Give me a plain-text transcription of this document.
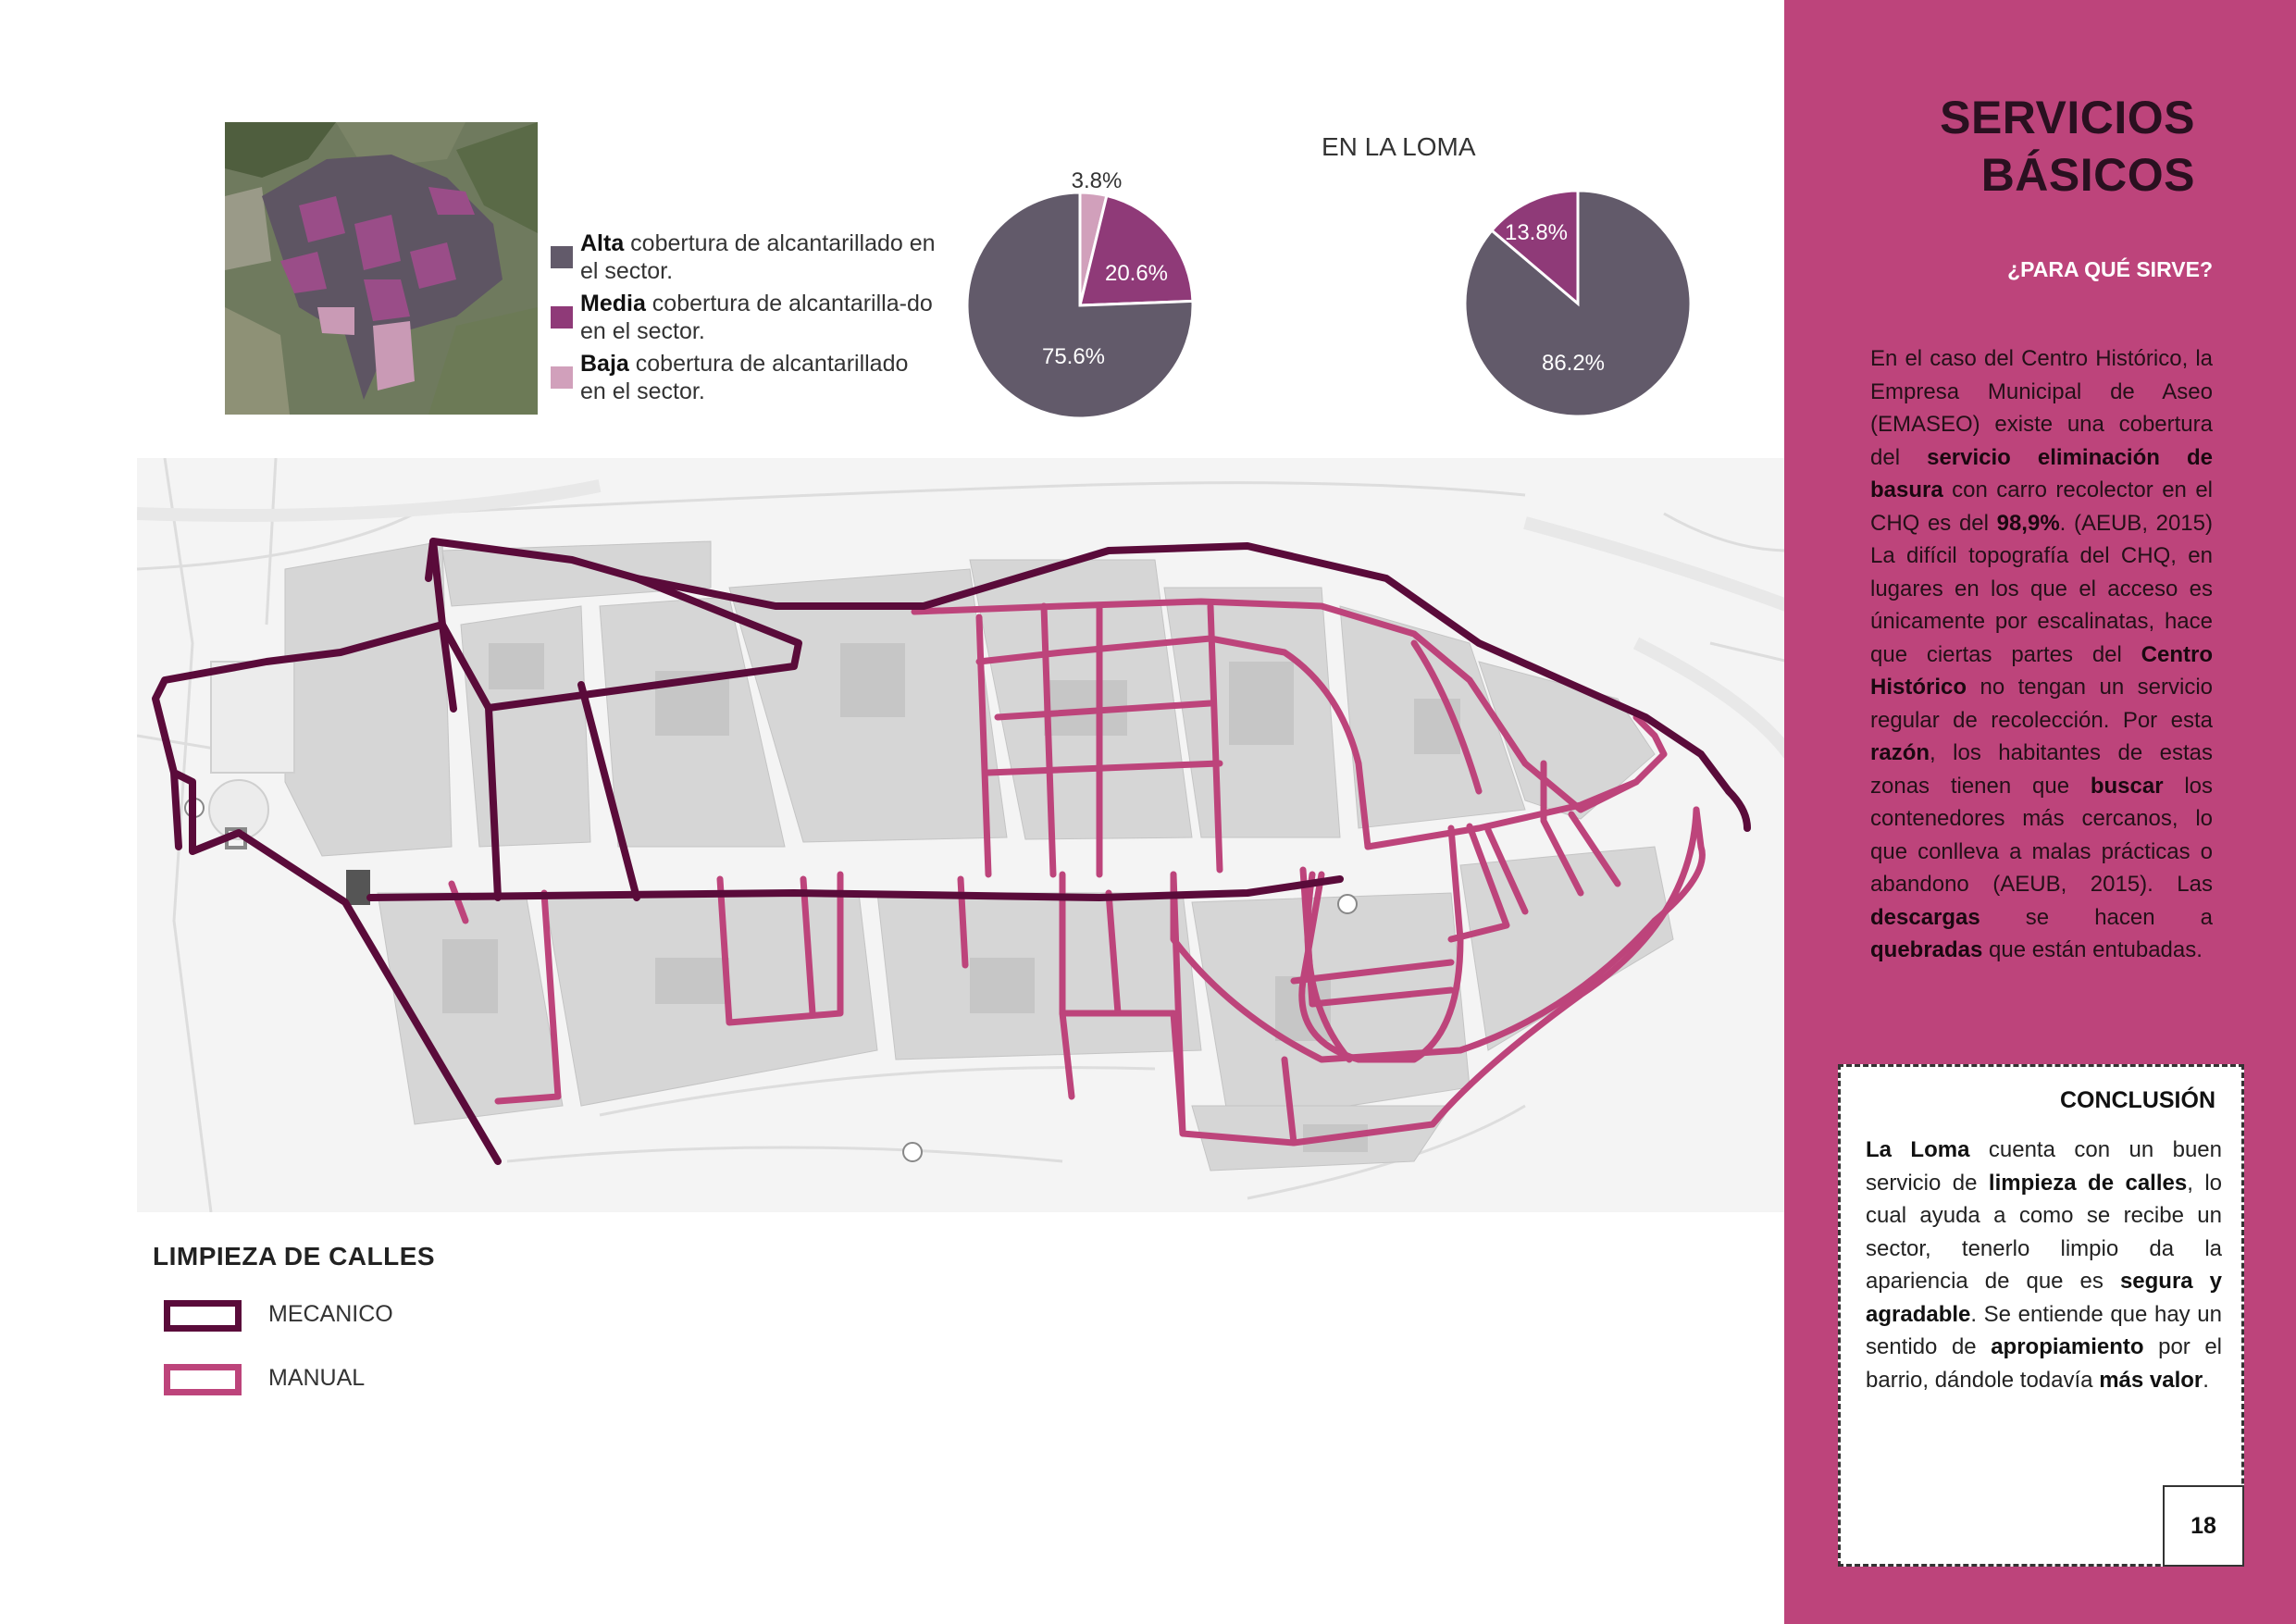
Alta cobertura de alcantarillado en el sector.
Media cobertura de alcantarilla-do en el sector.
Baja cobertura de alcantarillado en el sector.
EN LA LOMA
3.8%
20.6%
75.6%	86.2%
13.8%
LIMPIEZA DE CALLES
MECANICO
MANUAL
SERVICIOS
BÁSICOS
¿PARA QUÉ SIRVE?
En el caso del Centro Histórico, la Empresa Municipal de Aseo (EMASEO) existe una cobertura del servicio eliminación de basura con carro recolector en el CHQ es del 98,9%. (AEUB, 2015) La difícil topografía del CHQ, en lugares en los que el acceso es únicamente por escalinatas, hace que ciertas partes del Centro Histórico no tengan un servicio regular de recolección. Por esta razón, los habitantes de estas zonas tienen que buscar los contenedores más cercanos, lo que conlleva a malas prácticas o abandono (AEUB, 2015). Las descargas se hacen a quebradas que están entubadas.
CONCLUSIÓN
La Loma cuenta con un buen servicio de limpieza de calles, lo cual ayuda a como se recibe un sector, tenerlo limpio da la apariencia de que es segura y agradable. Se entiende que hay un sentido de apropiamiento por el barrio, dándole todavía más valor.
18
